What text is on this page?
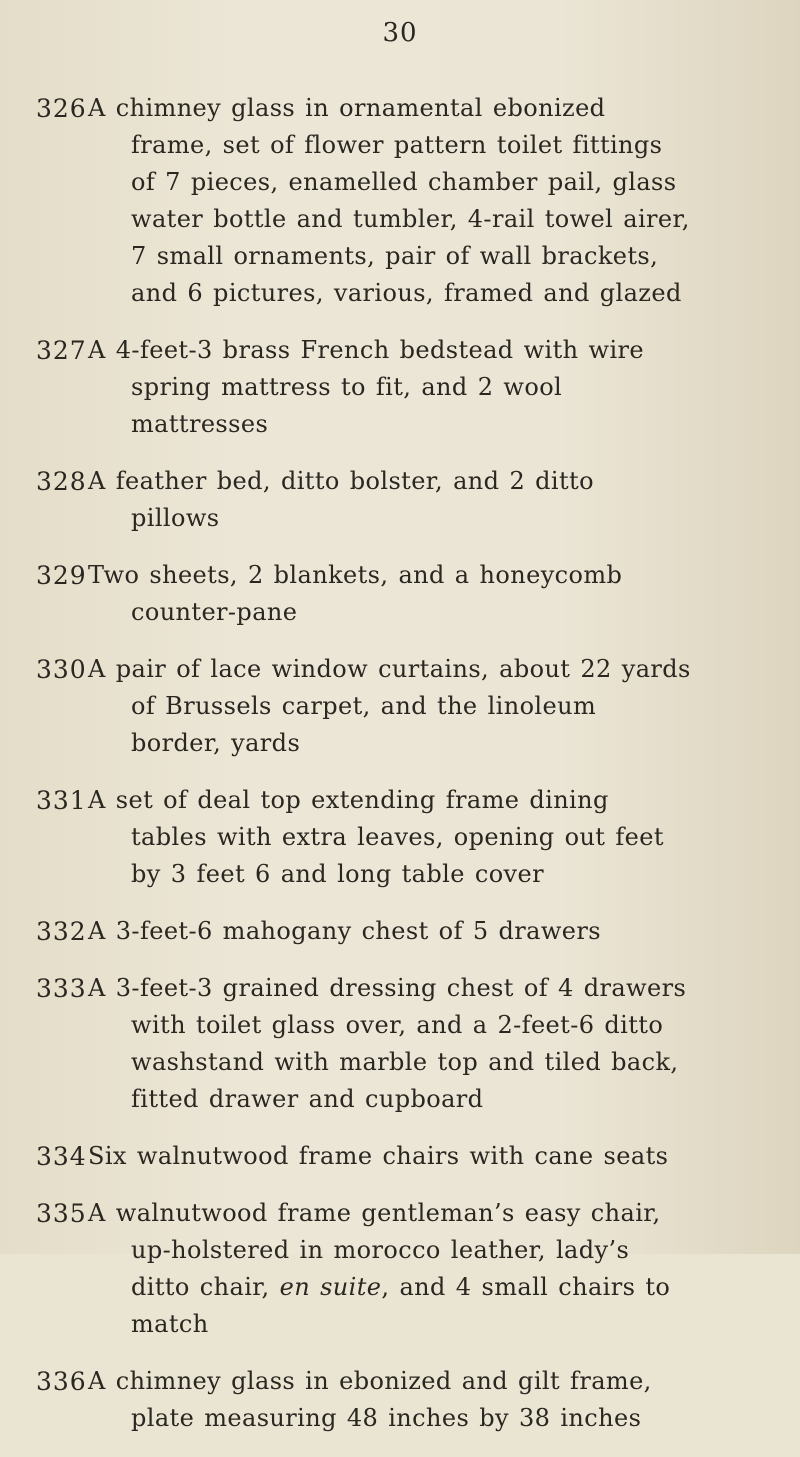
30
326 A chimney glass in ornamental ebonized frame, set of flower pattern toilet fittings of 7 pieces, enamelled chamber pail, glass water bottle and tumbler, 4-rail towel airer, 7 small ornaments, pair of wall brackets, and 6 pictures, various, framed and glazed
327 A 4-feet-3 brass French bedstead with wire spring mattress to fit, and 2 wool mattresses
328 A feather bed, ditto bolster, and 2 ditto pillows
329 Two sheets, 2 blankets, and a honeycomb counter-pane
330 A pair of lace window curtains, about 22 yards of Brussels carpet, and the linoleum border, yards
331 A set of deal top extending frame dining tables with extra leaves, opening out feet by 3 feet 6 and long table cover
332 A 3-feet-6 mahogany chest of 5 drawers
333 A 3-feet-3 grained dressing chest of 4 drawers with toilet glass over, and a 2-feet-6 ditto washstand with marble top and tiled back, fitted drawer and cupboard
334 Six walnutwood frame chairs with cane seats
335 A walnutwood frame gentleman’s easy chair, up-holstered in morocco leather, lady’s ditto chair, en suite, and 4 small chairs to match
336 A chimney glass in ebonized and gilt frame, plate measuring 48 inches by 38 inches
